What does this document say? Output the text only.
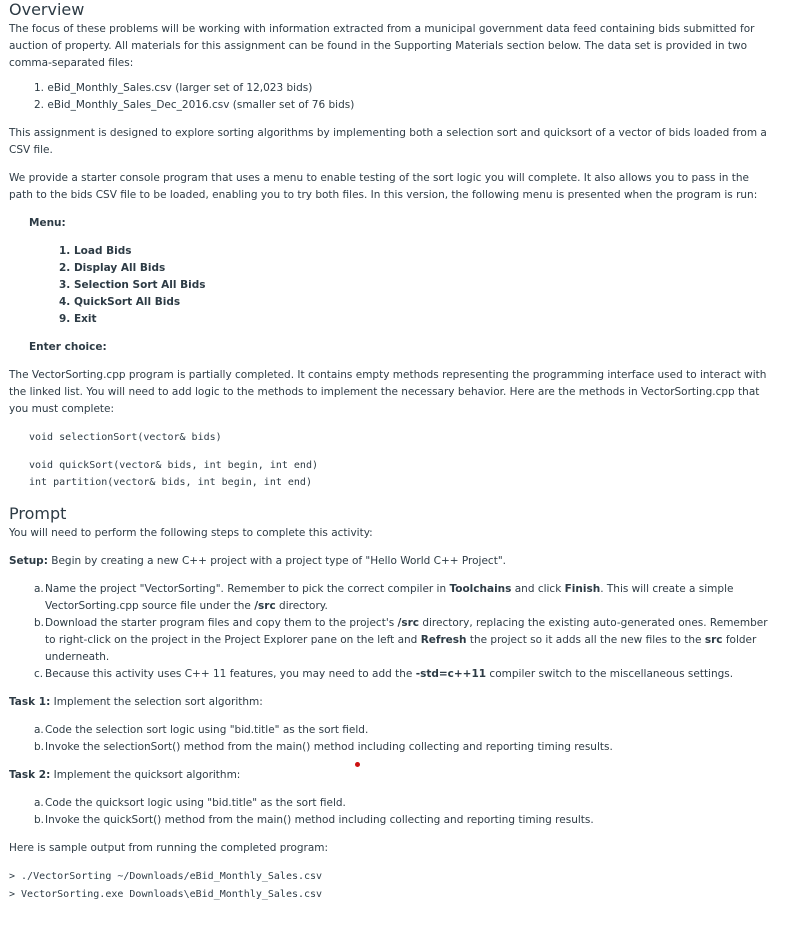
Overview

The focus of these problems will be working with information extracted from a municipal government data feed containing bids submitted for auction of property. All materials for this assignment can be found in the Supporting Materials section below. The data set is provided in two comma-separated files:

1. eBid_Monthly_Sales.csv (larger set of 12,023 bids)
2. eBid_Monthly_Sales_Dec_2016.csv (smaller set of 76 bids)

This assignment is designed to explore sorting algorithms by implementing both a selection sort and quicksort of a vector of bids loaded from a CSV file.

We provide a starter console program that uses a menu to enable testing of the sort logic you will complete. It also allows you to pass in the path to the bids CSV file to be loaded, enabling you to try both files. In this version, the following menu is presented when the program is run:

Menu:
1. Load Bids
2. Display All Bids
3. Selection Sort All Bids
4. QuickSort All Bids
9. Exit
Enter choice:

The VectorSorting.cpp program is partially completed. It contains empty methods representing the programming interface used to interact with the linked list. You will need to add logic to the methods to implement the necessary behavior. Here are the methods in VectorSorting.cpp that you must complete:

void selectionSort(vector& bids)
void quickSort(vector& bids, int begin, int end)
int partition(vector& bids, int begin, int end)
Prompt

You will need to perform the following steps to complete this activity:

Setup: Begin by creating a new C++ project with a project type of "Hello World C++ Project".

a. Name the project "VectorSorting". Remember to pick the correct compiler in Toolchains and click Finish. This will create a simple VectorSorting.cpp source file under the /src directory.
b. Download the starter program files and copy them to the project's /src directory, replacing the existing auto-generated ones. Remember to right-click on the project in the Project Explorer pane on the left and Refresh the project so it adds all the new files to the src folder underneath.
c. Because this activity uses C++ 11 features, you may need to add the -std=c++11 compiler switch to the miscellaneous settings.

Task 1: Implement the selection sort algorithm:

a. Code the selection sort logic using "bid.title" as the sort field.
b. Invoke the selectionSort() method from the main() method including collecting and reporting timing results.

Task 2: Implement the quicksort algorithm:

a. Code the quicksort logic using "bid.title" as the sort field.
b. Invoke the quickSort() method from the main() method including collecting and reporting timing results.

Here is sample output from running the completed program:

> ./VectorSorting ~/Downloads/eBid_Monthly_Sales.csv
> VectorSorting.exe Downloads\eBid_Monthly_Sales.csv
